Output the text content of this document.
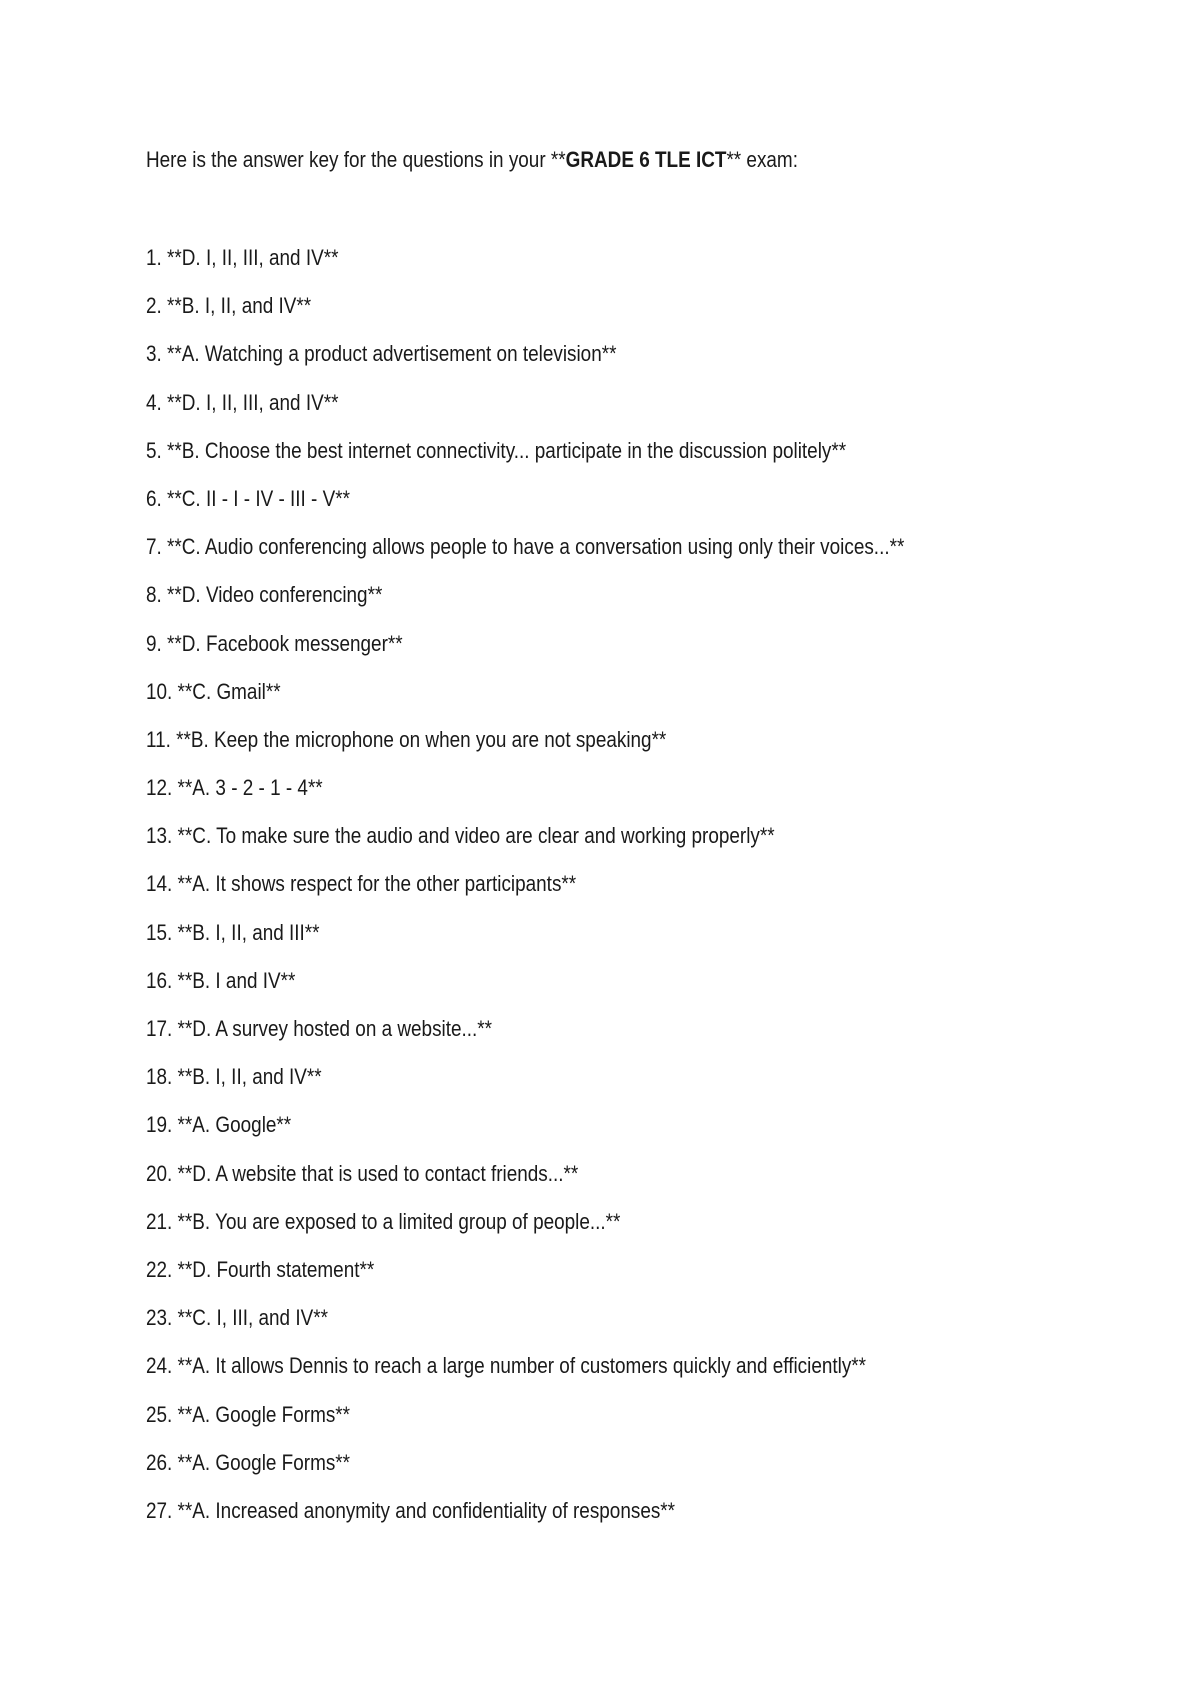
Here is the answer key for the questions in your **GRADE 6 TLE ICT** exam:

1. **D. I, II, III, and IV**
2. **B. I, II, and IV**
3. **A. Watching a product advertisement on television**
4. **D. I, II, III, and IV**
5. **B. Choose the best internet connectivity... participate in the discussion politely**
6. **C. II - I - IV - III - V**
7. **C. Audio conferencing allows people to have a conversation using only their voices...**
8. **D. Video conferencing**
9. **D. Facebook messenger**
10. **C. Gmail**
11. **B. Keep the microphone on when you are not speaking**
12. **A. 3 - 2 - 1 - 4**
13. **C. To make sure the audio and video are clear and working properly**
14. **A. It shows respect for the other participants**
15. **B. I, II, and III**
16. **B. I and IV**
17. **D. A survey hosted on a website...**
18. **B. I, II, and IV**
19. **A. Google**
20. **D. A website that is used to contact friends...**
21. **B. You are exposed to a limited group of people...**
22. **D. Fourth statement**
23. **C. I, III, and IV**
24. **A. It allows Dennis to reach a large number of customers quickly and efficiently**
25. **A. Google Forms**
26. **A. Google Forms**
27. **A. Increased anonymity and confidentiality of responses**
